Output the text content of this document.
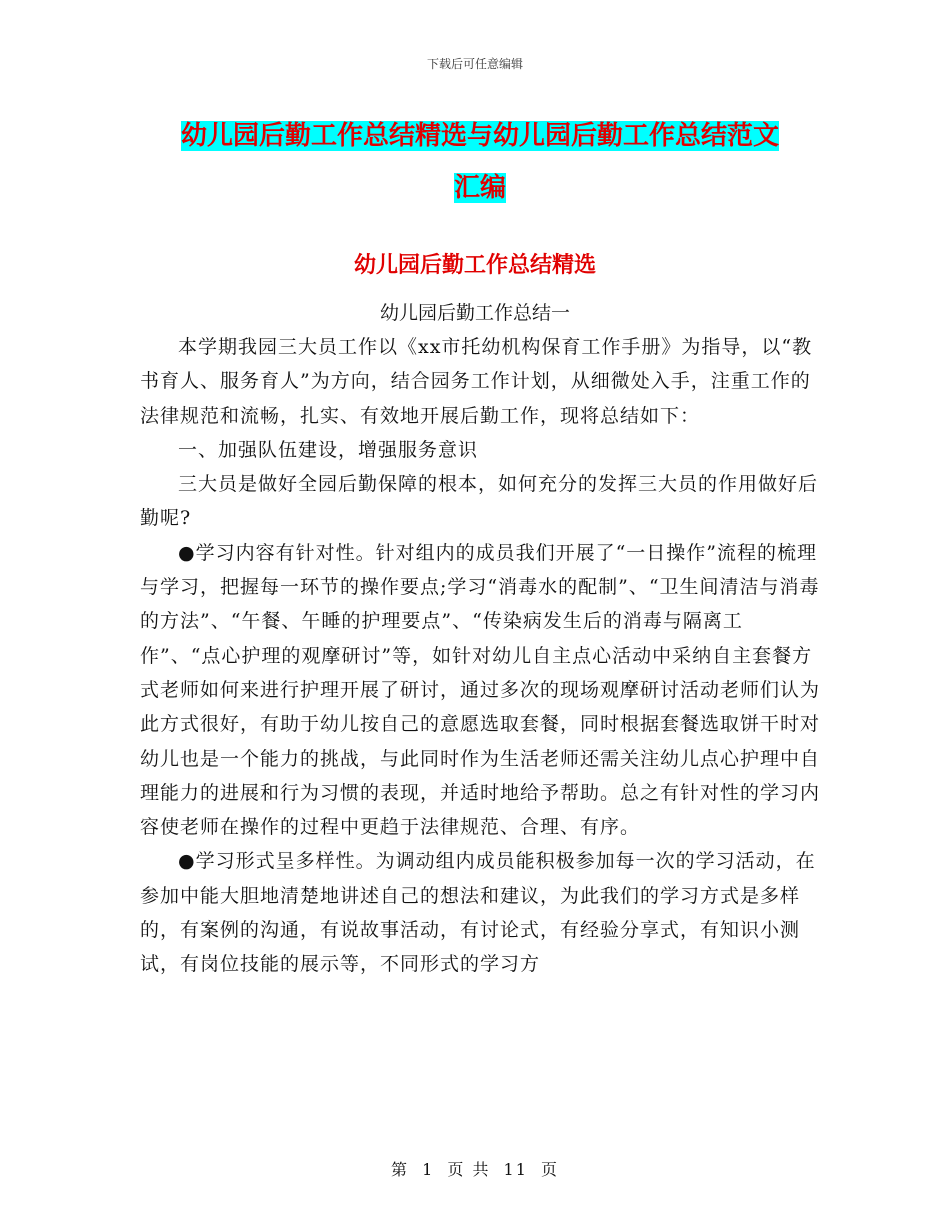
下载后可任意编辑
幼儿园后勤工作总结精选与幼儿园后勤工作总结范文
汇编
幼儿园后勤工作总结精选
幼儿园后勤工作总结一

本学期我园三大员工作以《xx市托幼机构保育工作手册》为指导，以“教书育人、服务育人”为方向，结合园务工作计划，从细微处入手，注重工作的法律规范和流畅，扎实、有效地开展后勤工作，现将总结如下：

一、加强队伍建设，增强服务意识

三大员是做好全园后勤保障的根本，如何充分的发挥三大员的作用做好后勤呢?

●学习内容有针对性。针对组内的成员我们开展了“一日操作”流程的梳理与学习，把握每一环节的操作要点;学习“消毒水的配制”、“卫生间清洁与消毒的方法”、“午餐、午睡的护理要点”、“传染病发生后的消毒与隔离工作”、“点心护理的观摩研讨”等，如针对幼儿自主点心活动中采纳自主套餐方式老师如何来进行护理开展了研讨，通过多次的现场观摩研讨活动老师们认为此方式很好，有助于幼儿按自己的意愿选取套餐，同时根据套餐选取饼干时对幼儿也是一个能力的挑战，与此同时作为生活老师还需关注幼儿点心护理中自理能力的进展和行为习惯的表现，并适时地给予帮助。总之有针对性的学习内容使老师在操作的过程中更趋于法律规范、合理、有序。

●学习形式呈多样性。为调动组内成员能积极参加每一次的学习活动，在参加中能大胆地清楚地讲述自己的想法和建议，为此我们的学习方式是多样的，有案例的沟通，有说故事活动，有讨论式，有经验分享式，有知识小测试，有岗位技能的展示等，不同形式的学习方

第 1 页 共 11 页
